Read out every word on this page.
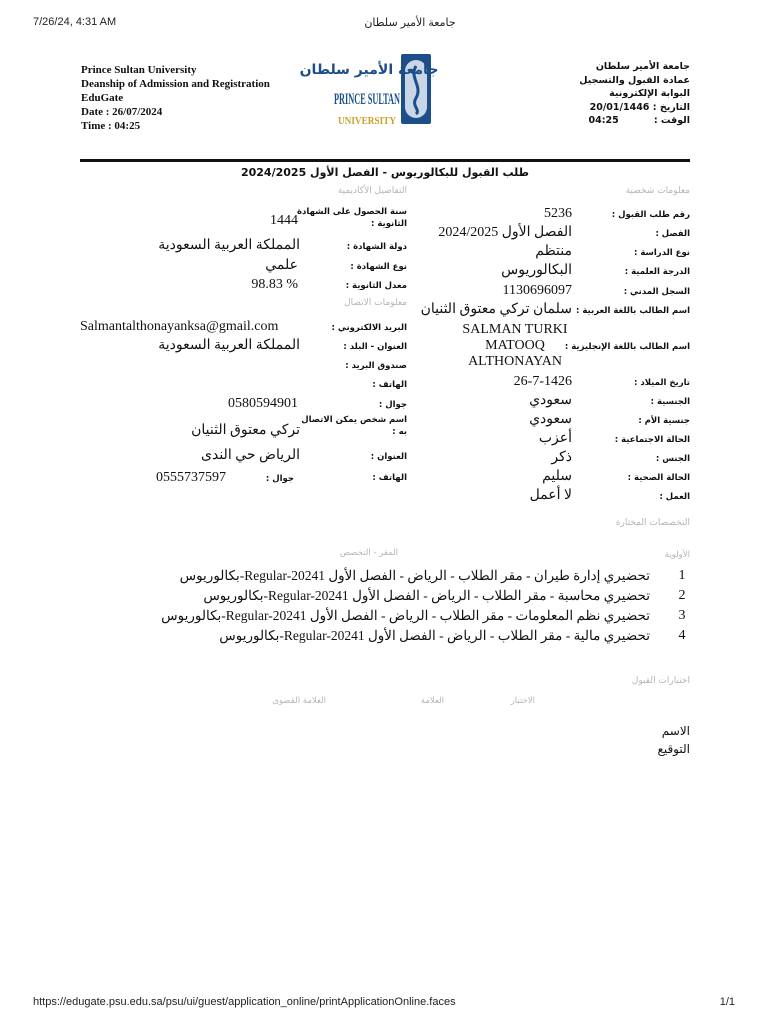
7/26/24, 4:31 AM	جامعة الأمير سلطان
Prince Sultan University
Deanship of Admission and Registration
EduGate
Date : 26/07/2024
Time : 04:25
جامعة الأمير سلطان
PRINCE SULTAN
UNIVERSITY
جامعة الأمير سلطان
عمادة القبول والتسجيل
البوابة الإلكترونية
التاريخ : 20/01/1446
الوقت : 04:25
طلب القبول للبكالوريوس - الفصل الأول 2024/2025
معلومات شخصية
التفاصيل الأكاديمية
رقم طلب القبول :
5236
الفصل :
الفصل الأول 2024/2025
نوع الدراسة :
منتظم
الدرجة العلمية :
البكالوريوس
السجل المدني :
1130696097
اسم الطالب باللغة العربية :
سلمان تركي معتوق الثنيان
اسم الطالب باللغة الإنجليزية :
SALMAN TURKI
MATOOQ
ALTHONAYAN
تاريخ الميلاد :
26-7-1426
الجنسية :
سعودي
جنسية الأم :
سعودي
الحالة الاجتماعية :
أعزب
الجنس :
ذكر
الحالة الصحية :
سليم
العمل :
لا أعمل
سنة الحصول على الشهادة
الثانوية :
1444
دولة الشهادة :
المملكة العربية السعودية
نوع الشهادة :
علمي
معدل الثانوية :
98.83 %
معلومات الاتصال
البريد الالكتروني :
Salmantalthonayanksa@gmail.com
العنوان - البلد :
المملكة العربية السعودية
صندوق البريد :
الهاتف :
جوال :
0580594901
اسم شخص يمكن الاتصال
به :
تركي معتوق الثنيان
العنوان :
الرياض حي الندى
الهاتف :
جوال :
0555737597
التخصصات المختارة
الأولوية
المقر - التخصص
1
تحضيري إدارة طيران - مقر الطلاب - الرياض - الفصل الأول Regular-20241-بكالوريوس
2
تحضيري محاسبة - مقر الطلاب - الرياض - الفصل الأول Regular-20241-بكالوريوس
3
تحضيري نظم المعلومات - مقر الطلاب - الرياض - الفصل الأول Regular-20241-بكالوريوس
4
تحضيري مالية - مقر الطلاب - الرياض - الفصل الأول Regular-20241-بكالوريوس
اختبارات القبول
الاختبار
العلامة
العلامة القصوى
الاسم
التوقيع
https://edugate.psu.edu.sa/psu/ui/guest/application_online/printApplicationOnline.faces	1/1
